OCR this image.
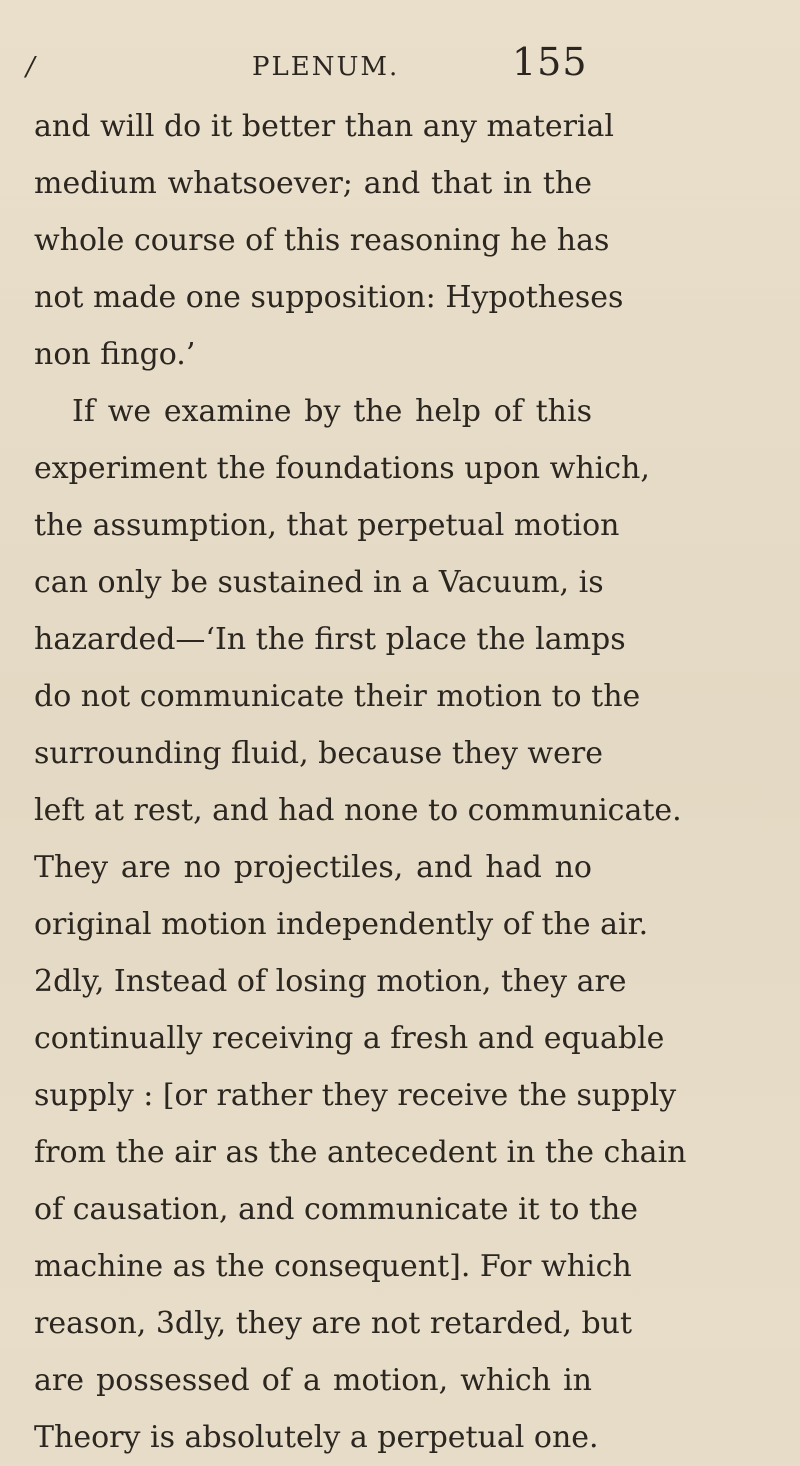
/	PLENUM.	155
and will do it better than any material
medium whatsoever; and that in the
whole course of this reasoning he has
not made one supposition: Hypotheses
non fingo.’
If we examine by the help of this
experiment the foundations upon which,
the assumption, that perpetual motion
can only be sustained in a Vacuum, is
hazarded—‘In the first place the lamps
do not communicate their motion to the
surrounding fluid, because they were
left at rest, and had none to communicate.
They are no projectiles, and had no
original motion independently of the air.
2dly, Instead of losing motion, they are
continually receiving a fresh and equable
supply : [or rather they receive the supply
from the air as the antecedent in the chain
of causation, and communicate it to the
machine as the consequent]. For which
reason, 3dly, they are not retarded, but
are possessed of a motion, which in
Theory is absolutely a perpetual one.
